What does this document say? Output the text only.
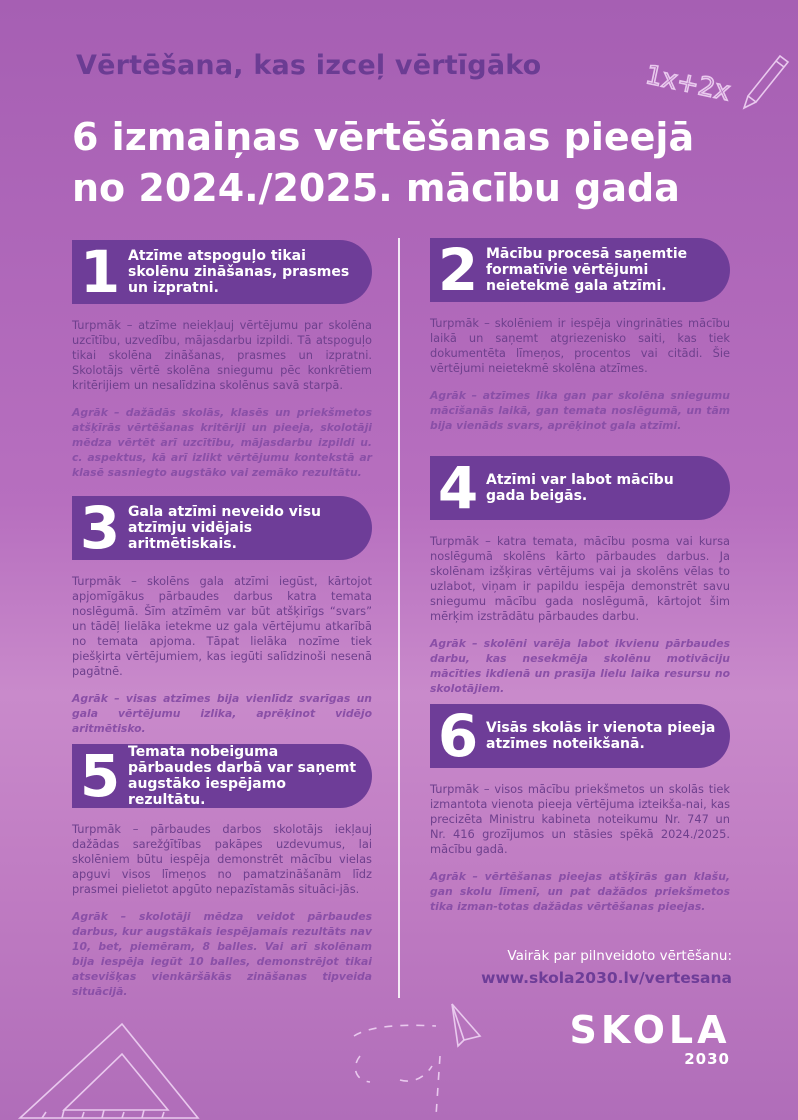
Vērtēšana, kas izceļ vērtīgāko	1x+2x
6 izmaiņas vērtēšanas pieejā
no 2024./2025. mācību gada
1 Atzīme atspoguļo tikai skolēnu zināšanas, prasmes un izpratni.

Turpmāk – atzīme neiekļauj vērtējumu par skolēna uzcītību, uzvedību, mājasdarbu izpildi. Tā atspoguļo tikai skolēna zināšanas, prasmes un izpratni. Skolotājs vērtē skolēna sniegumu pēc konkrētiem kritērijiem un nesalīdzina skolēnus savā starpā.

Agrāk – dažādās skolās, klasēs un priekšmetos atšķīrās vērtēšanas kritēriji un pieeja, skolotāji mēdza vērtēt arī uzcītību, mājasdarbu izpildi u. c. aspektus, kā arī izlikt vērtējumu kontekstā ar klasē sasniegto augstāko vai zemāko rezultātu.

2 Mācību procesā saņemtie formatīvie vērtējumi neietekmē gala atzīmi.

Turpmāk – skolēniem ir iespēja vingrināties mācību laikā un saņemt atgriezenisko saiti, kas tiek dokumentēta līmeņos, procentos vai citādi. Šie vērtējumi neietekmē skolēna atzīmes.

Agrāk – atzīmes lika gan par skolēna sniegumu mācīšanās laikā, gan temata noslēgumā, un tām bija vienāds svars, aprēķinot gala atzīmi.

3 Gala atzīmi neveido visu atzīmju vidējais aritmētiskais.

Turpmāk – skolēns gala atzīmi iegūst, kārtojot apjomīgākus pārbaudes darbus katra temata noslēgumā. Šīm atzīmēm var būt atšķirīgs “svars” un tādēļ lielāka ietekme uz gala vērtējumu atkarībā no temata apjoma. Tāpat lielāka nozīme tiek piešķirta vērtējumiem, kas iegūti salīdzinoši nesenā pagātnē.

Agrāk – visas atzīmes bija vienlīdz svarīgas un gala vērtējumu izlika, aprēķinot vidējo aritmētisko.

4 Atzīmi var labot mācību gada beigās.

Turpmāk – katra temata, mācību posma vai kursa noslēgumā skolēns kārto pārbaudes darbus. Ja skolēnam izšķiras vērtējums vai ja skolēns vēlas to uzlabot, viņam ir papildu iespēja demonstrēt savu sniegumu mācību gada noslēgumā, kārtojot šim mērķim izstrādātu pārbaudes darbu.

Agrāk – skolēni varēja labot ikvienu pārbaudes darbu, kas nesekmēja skolēnu motivāciju mācīties ikdienā un prasīja lielu laika resursu no skolotājiem.

5 Temata nobeiguma pārbaudes darbā var saņemt augstāko iespējamo rezultātu.

Turpmāk – pārbaudes darbos skolotājs iekļauj dažādas sarežģītības pakāpes uzdevumus, lai skolēniem būtu iespēja demonstrēt mācību vielas apguvi visos līmeņos no pamatzināšanām līdz prasmei pielietot apgūto nepazīstamās situāci-jās.

Agrāk – skolotāji mēdza veidot pārbaudes darbus, kur augstākais iespējamais rezultāts nav 10, bet, piemēram, 8 balles. Vai arī skolēnam bija iespēja iegūt 10 balles, demonstrējot tikai atsevišķas vienkāršākās zināšanas tipveida situācijā.

6 Visās skolās ir vienota pieeja atzīmes noteikšanā.

Turpmāk – visos mācību priekšmetos un skolās tiek izmantota vienota pieeja vērtējuma izteikša-nai, kas precizēta Ministru kabineta noteikumu Nr. 747 un Nr. 416 grozījumos un stāsies spēkā 2024./2025. mācību gadā.

Agrāk – vērtēšanas pieejas atšķīrās gan klašu, gan skolu līmenī, un pat dažādos priekšmetos tika izman-totas dažādas vērtēšanas pieejas.

Vairāk par pilnveidoto vērtēšanu:
www.skola2030.lv/vertesana
SKOLA
2030
